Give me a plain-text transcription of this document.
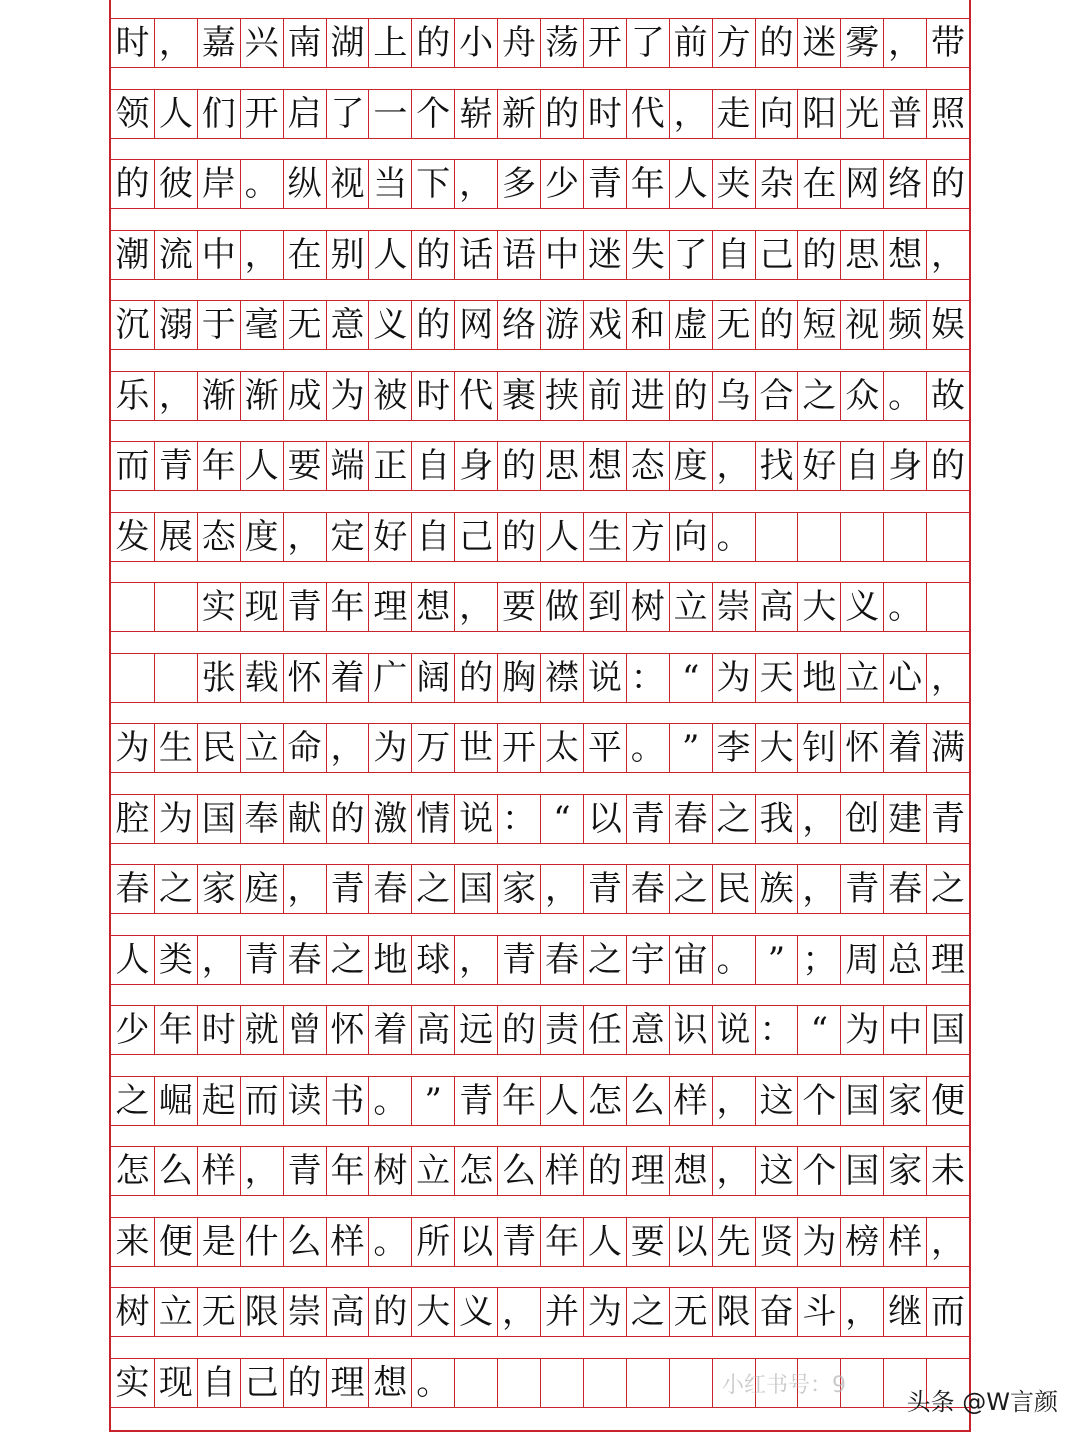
时 ， 嘉 兴 南 湖 上 的 小 舟 荡 开 了 前 方 的 迷 雾 ， 带
领 人 们 开 启 了 一 个 崭 新 的 时 代 ， 走 向 阳 光 普 照
的 彼 岸 。 纵 视 当 下 ， 多 少 青 年 人 夹 杂 在 网 络 的
潮 流 中 ， 在 别 人 的 话 语 中 迷 失 了 自 己 的 思 想 ，
沉 溺 于 毫 无 意 义 的 网 络 游 戏 和 虚 无 的 短 视 频 娱
乐 ， 渐 渐 成 为 被 时 代 裹 挟 前 进 的 乌 合 之 众 。 故
而 青 年 人 要 端 正 自 身 的 思 想 态 度 ， 找 好 自 身 的
发 展 态 度 ， 定 好 自 己 的 人 生 方 向 。
实 现 青 年 理 想 ， 要 做 到 树 立 崇 高 大 义 。
张 载 怀 着 广 阔 的 胸 襟 说 ： “ 为 天 地 立 心 ，
为 生 民 立 命 ， 为 万 世 开 太 平 。 ” 李 大 钊 怀 着 满
腔 为 国 奉 献 的 激 情 说 ： “ 以 青 春 之 我 ， 创 建 青
春 之 家 庭 ， 青 春 之 国 家 ， 青 春 之 民 族 ， 青 春 之
人 类 ， 青 春 之 地 球 ， 青 春 之 宇 宙 。 ” ； 周 总 理
少 年 时 就 曾 怀 着 高 远 的 责 任 意 识 说 ： “ 为 中 国
之 崛 起 而 读 书 。 ” 青 年 人 怎 么 样 ， 这 个 国 家 便
怎 么 样 ， 青 年 树 立 怎 么 样 的 理 想 ， 这 个 国 家 未
来 便 是 什 么 样 。 所 以 青 年 人 要 以 先 贤 为 榜 样 ，
树 立 无 限 崇 高 的 大 义 ， 并 为 之 无 限 奋 斗 ， 继 而
实 现 自 己 的 理 想 。	小红书号：9
头条 @W言颜
